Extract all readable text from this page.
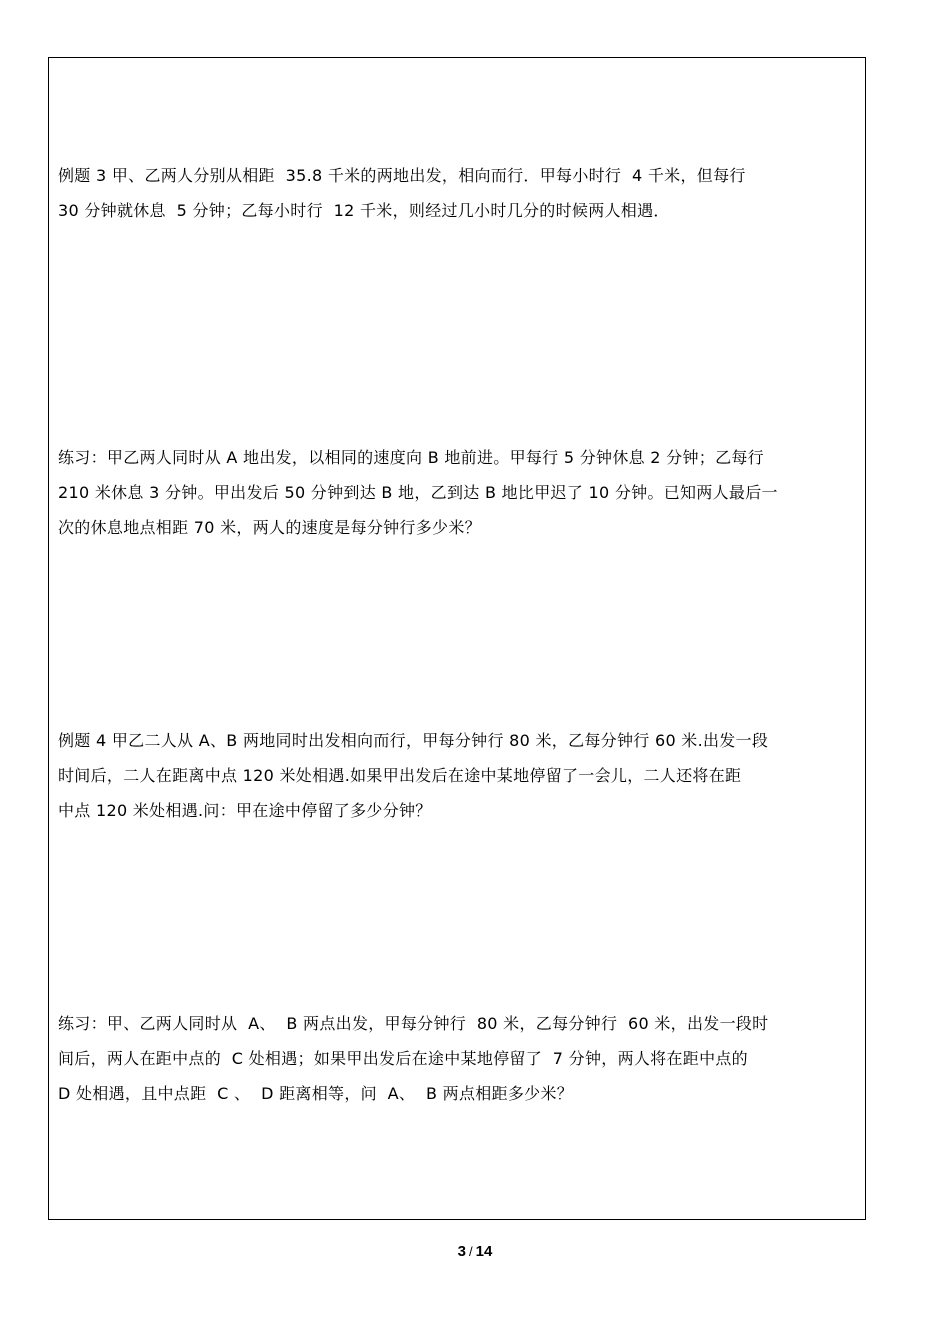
例题 3 甲、乙两人分别从相距  35.8 千米的两地出发，相向而行．甲每小时行  4 千米，但每行
30 分钟就休息  5 分钟；乙每小时行  12 千米，则经过几小时几分的时候两人相遇．

练习：甲乙两人同时从 A 地出发，以相同的速度向 B 地前进。甲每行 5 分钟休息 2 分钟；乙每行
210 米休息 3 分钟。甲出发后 50 分钟到达 B 地，乙到达 B 地比甲迟了 10 分钟。已知两人最后一
次的休息地点相距 70 米，两人的速度是每分钟行多少米？

例题 4 甲乙二人从 A、B 两地同时出发相向而行，甲每分钟行 80 米，乙每分钟行 60 米.出发一段
时间后，二人在距离中点 120 米处相遇.如果甲出发后在途中某地停留了一会儿，二人还将在距
中点 120 米处相遇.问：甲在途中停留了多少分钟？

练习：甲、乙两人同时从  A、  B 两点出发，甲每分钟行  80 米，乙每分钟行  60 米，出发一段时
间后，两人在距中点的  C 处相遇；如果甲出发后在途中某地停留了  7 分钟，两人将在距中点的
D 处相遇，且中点距  C 、  D 距离相等，问  A、  B 两点相距多少米？

3 / 14
